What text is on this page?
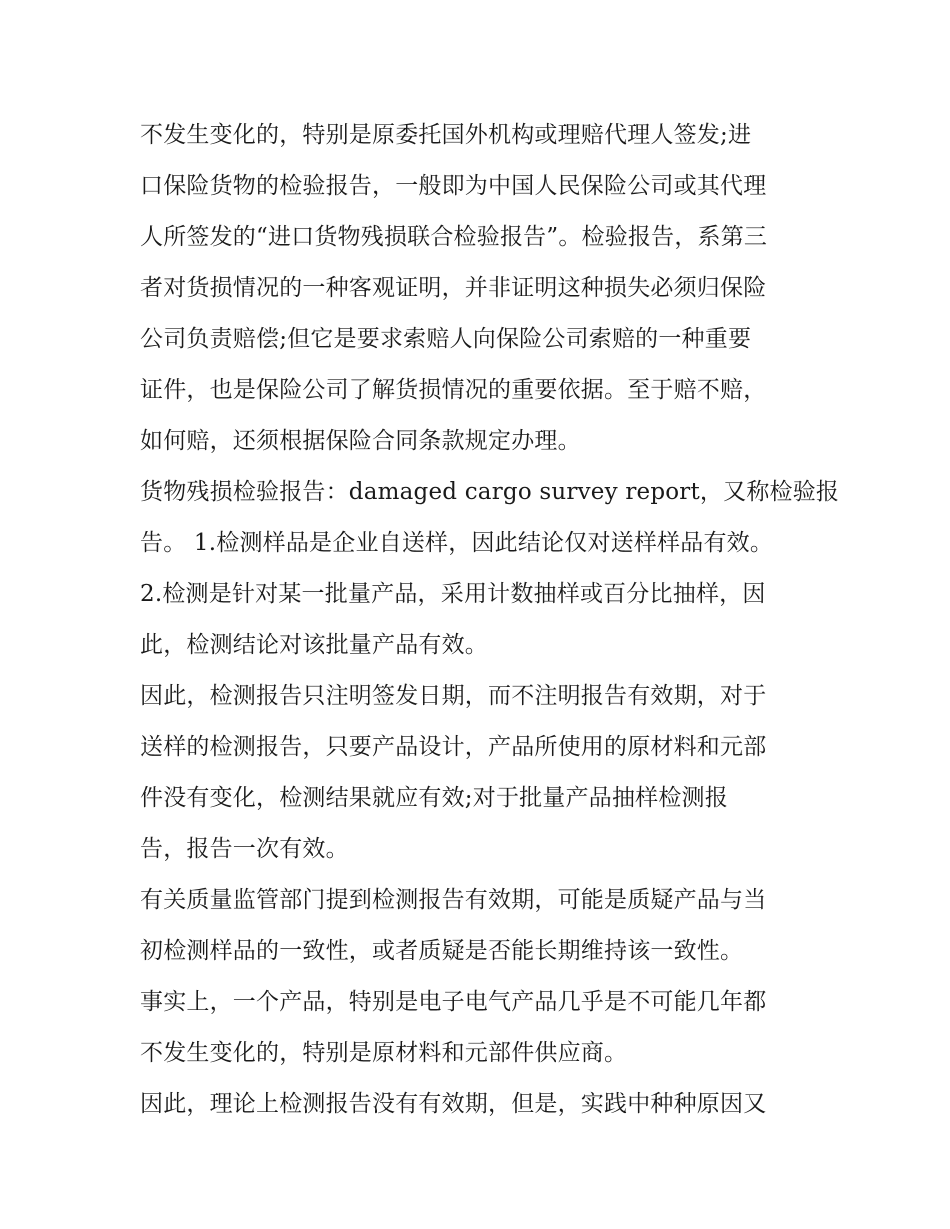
不发生变化的，特别是原委托国外机构或理赔代理人签发;进
口保险货物的检验报告，一般即为中国人民保险公司或其代理
人所签发的“进口货物残损联合检验报告”。检验报告，系第三
者对货损情况的一种客观证明，并非证明这种损失必须归保险
公司负责赔偿;但它是要求索赔人向保险公司索赔的一种重要
证件，也是保险公司了解货损情况的重要依据。至于赔不赔，
如何赔，还须根据保险合同条款规定办理。
货物残损检验报告：damaged cargo survey report，又称检验报
告。 1.检测样品是企业自送样，因此结论仅对送样样品有效。
2.检测是针对某一批量产品，采用计数抽样或百分比抽样，因
此，检测结论对该批量产品有效。
因此，检测报告只注明签发日期，而不注明报告有效期，对于
送样的检测报告，只要产品设计，产品所使用的原材料和元部
件没有变化，检测结果就应有效;对于批量产品抽样检测报
告，报告一次有效。
有关质量监管部门提到检测报告有效期，可能是质疑产品与当
初检测样品的一致性，或者质疑是否能长期维持该一致性。
事实上，一个产品，特别是电子电气产品几乎是不可能几年都
不发生变化的，特别是原材料和元部件供应商。
因此，理论上检测报告没有有效期，但是，实践中种种原因又
